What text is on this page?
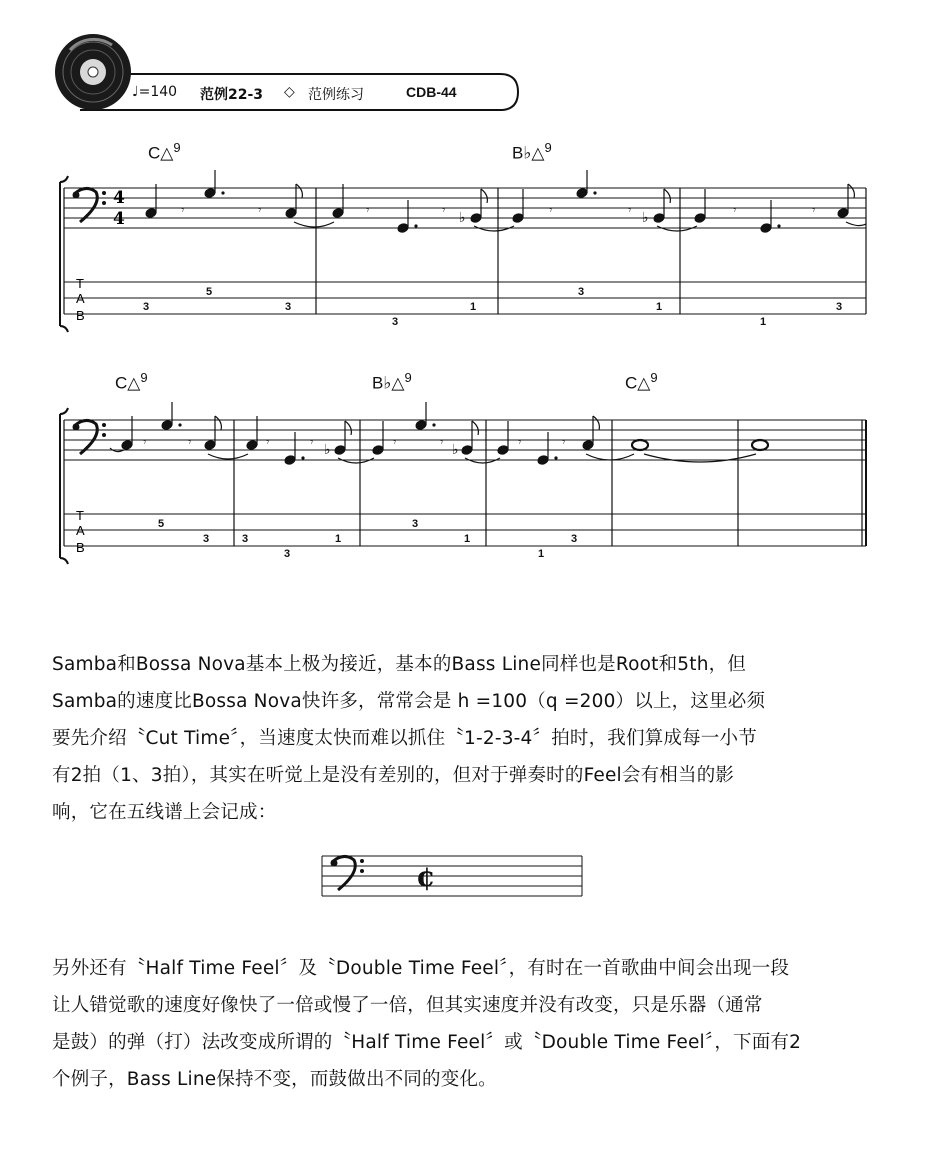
♩=140 范例22-3 ◇ 范例练习	CDB-44
C△$^9$	B♭△$^9$
4
4
T
A
B
𝄾	𝄾	𝄾	𝄾 ♭	𝄾	𝄾 ♭	𝄾	𝄾
3
5
3
3
1
3
1
1
3
C△$^9$	B♭△$^9$	C△$^9$
T
A
B
𝄾	𝄾	𝄾	𝄾 ♭	𝄾	𝄾 ♭	𝄾	𝄾
5
3	3
3
1
3
1
1
3
Samba和Bossa Nova基本上极为接近，基本的Bass Line同样也是Root和5th，但
Samba的速度比Bossa Nova快许多，常常会是 h =100（q =200）以上，这里必须
要先介绍〝Cut Time〞，当速度太快而难以抓住〝1-2-3-4〞拍时，我们算成每一小节
有2拍（1、3拍），其实在听觉上是没有差别的，但对于弹奏时的Feel会有相当的影
响，它在五线谱上会记成：
¢
另外还有〝Half Time Feel〞及〝Double Time Feel〞，有时在一首歌曲中间会出现一段
让人错觉歌的速度好像快了一倍或慢了一倍，但其实速度并没有改变，只是乐器（通常
是鼓）的弹（打）法改变成所谓的〝Half Time Feel〞或〝Double Time Feel〞，下面有2
个例子，Bass Line保持不变，而鼓做出不同的变化。
